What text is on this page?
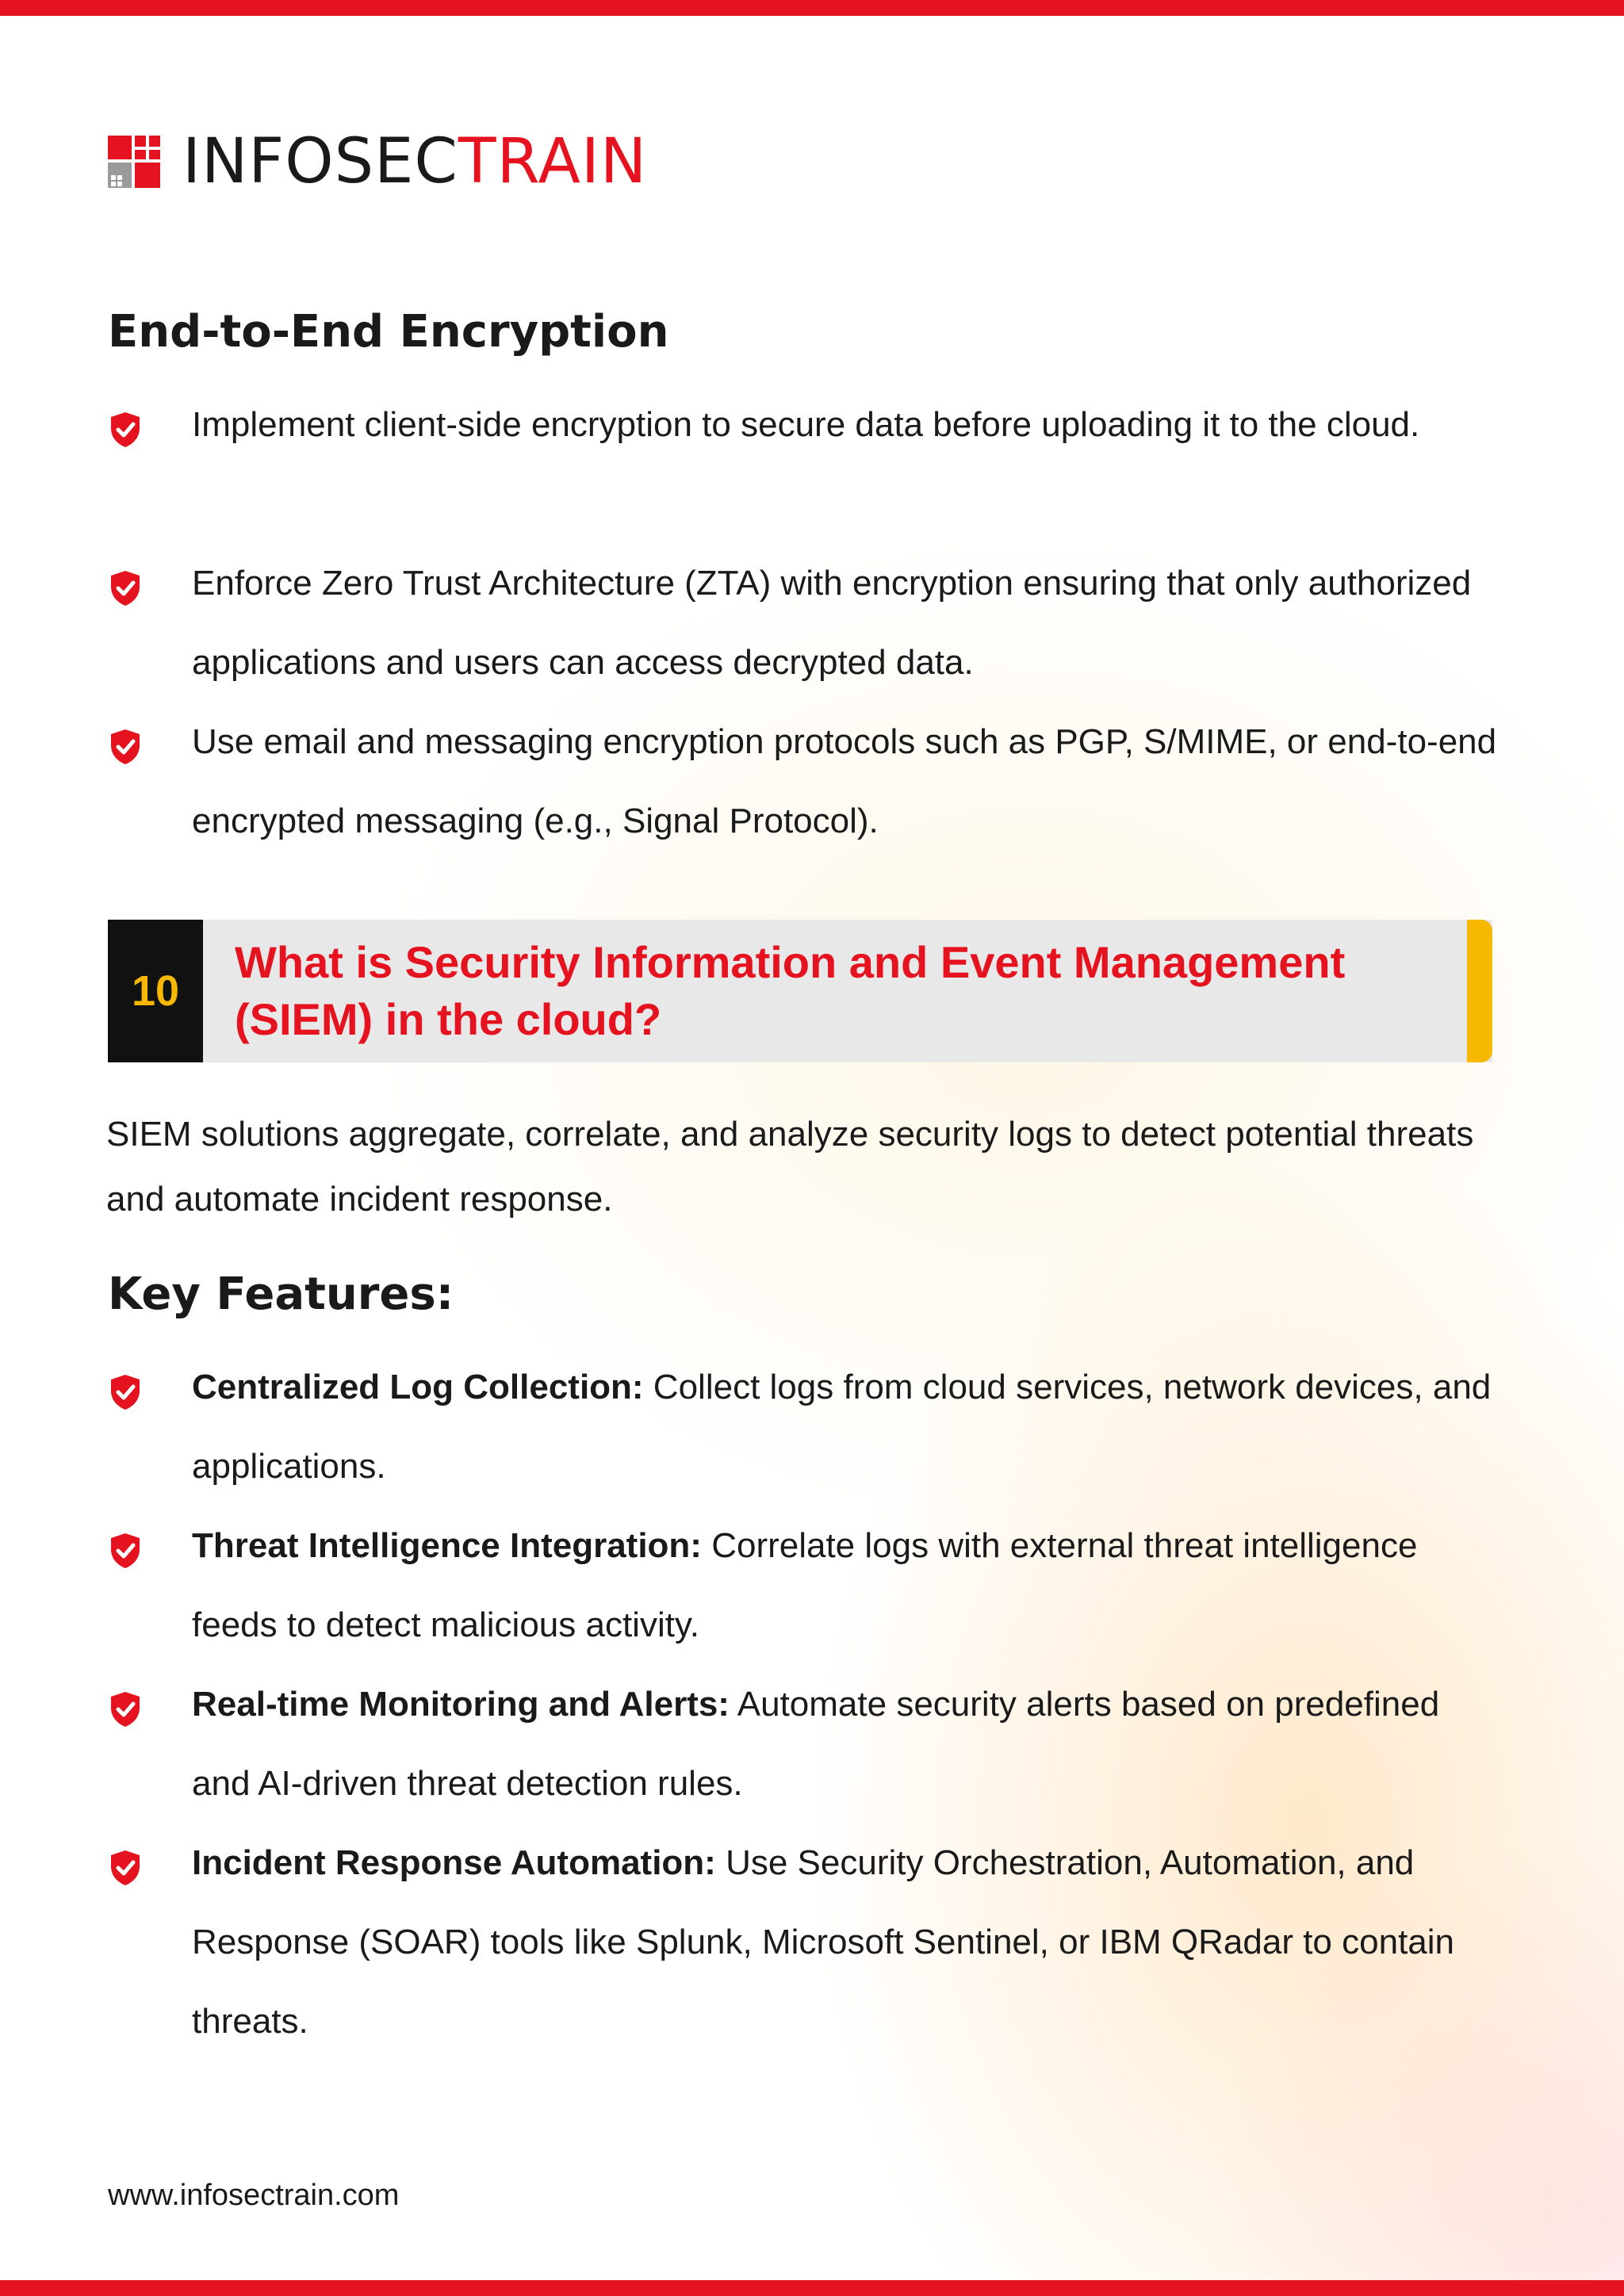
INFOSECTRAIN
End-to-End Encryption
Implement client-side encryption to secure data before uploading it to the cloud.
Enforce Zero Trust Architecture (ZTA) with encryption ensuring that only authorized applications and users can access decrypted data.
Use email and messaging encryption protocols such as PGP, S/MIME, or end-to-end encrypted messaging (e.g., Signal Protocol).
10
What is Security Information and Event Management (SIEM) in the cloud?
SIEM solutions aggregate, correlate, and analyze security logs to detect potential threats and automate incident response.
Key Features:
Centralized Log Collection: Collect logs from cloud services, network devices, and applications.
Threat Intelligence Integration: Correlate logs with external threat intelligence feeds to detect malicious activity.
Real-time Monitoring and Alerts: Automate security alerts based on predefined and AI-driven threat detection rules.
Incident Response Automation: Use Security Orchestration, Automation, and Response (SOAR) tools like Splunk, Microsoft Sentinel, or IBM QRadar to contain threats.
www.infosectrain.com
